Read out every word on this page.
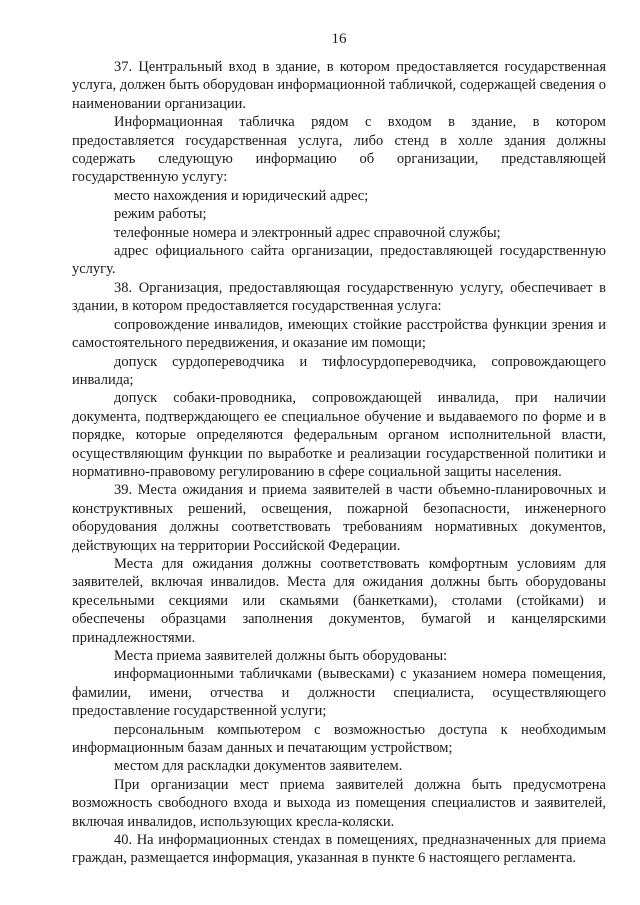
16

37. Центральный вход в здание, в котором предоставляется государственная услуга, должен быть оборудован информационной табличкой, содержащей сведения о наименовании организации.

Информационная табличка рядом с входом в здание, в котором предоставляется государственная услуга, либо стенд в холле здания должны содержать следующую информацию об организации, представляющей государственную услугу:

место нахождения и юридический адрес;

режим работы;

телефонные номера и электронный адрес справочной службы;

адрес официального сайта организации, предоставляющей государственную услугу.

38. Организация, предоставляющая государственную услугу, обеспечивает в здании, в котором предоставляется государственная услуга:

сопровождение инвалидов, имеющих стойкие расстройства функции зрения и самостоятельного передвижения, и оказание им помощи;

допуск сурдопереводчика и тифлосурдопереводчика, сопровождающего инвалида;

допуск собаки-проводника, сопровождающей инвалида, при наличии документа, подтверждающего ее специальное обучение и выдаваемого по форме и в порядке, которые определяются федеральным органом исполнительной власти, осуществляющим функции по выработке и реализации государственной политики и нормативно-правовому регулированию в сфере социальной защиты населения.

39. Места ожидания и приема заявителей в части объемно-планировочных и конструктивных решений, освещения, пожарной безопасности, инженерного оборудования должны соответствовать требованиям нормативных документов, действующих на территории Российской Федерации.

Места для ожидания должны соответствовать комфортным условиям для заявителей, включая инвалидов. Места для ожидания должны быть оборудованы кресельными секциями или скамьями (банкетками), столами (стойками) и обеспечены образцами заполнения документов, бумагой и канцелярскими принадлежностями.

Места приема заявителей должны быть оборудованы:

информационными табличками (вывесками) с указанием номера помещения, фамилии, имени, отчества и должности специалиста, осуществляющего предоставление государственной услуги;

персональным компьютером с возможностью доступа к необходимым информационным базам данных и печатающим устройством;

местом для раскладки документов заявителем.

При организации мест приема заявителей должна быть предусмотрена возможность свободного входа и выхода из помещения специалистов и заявителей, включая инвалидов, использующих кресла-коляски.

40. На информационных стендах в помещениях, предназначенных для приема граждан, размещается информация, указанная в пункте 6 настоящего регламента.
